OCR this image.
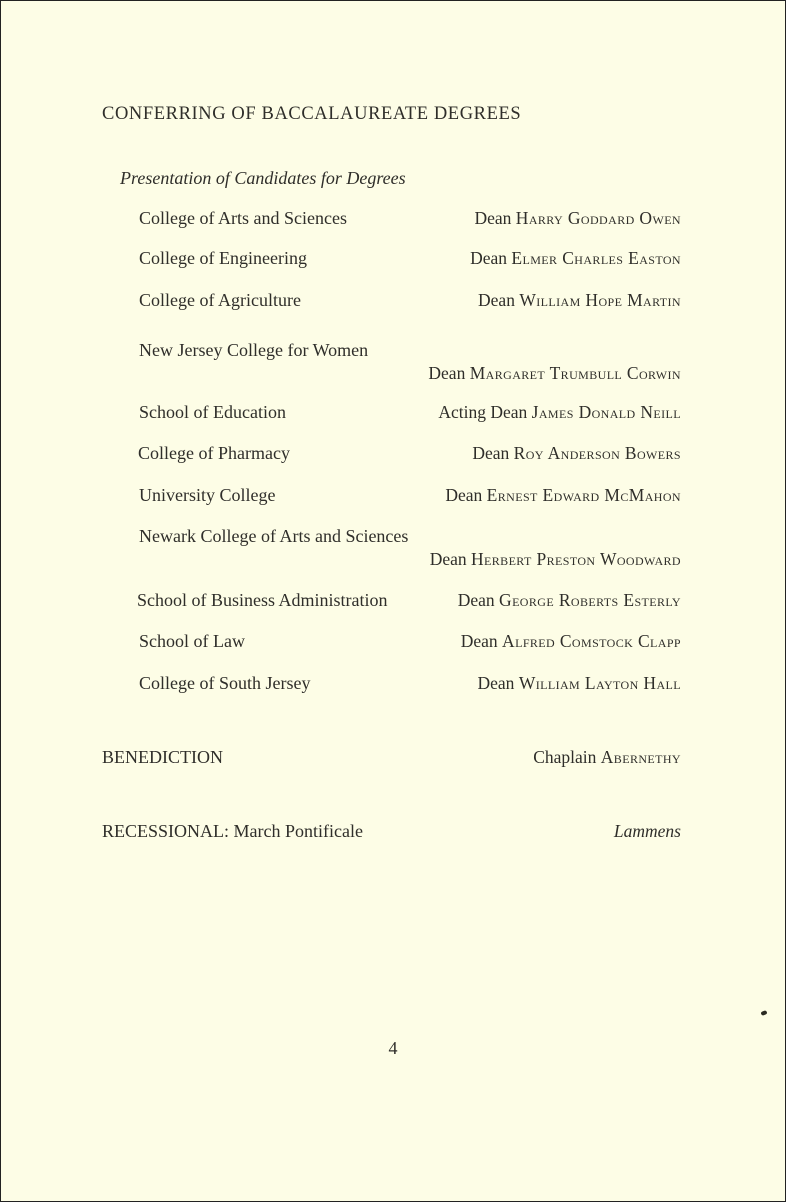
CONFERRING OF BACCALAUREATE DEGREES
Presentation of Candidates for Degrees
College of Arts and Sciences	Dean Harry Goddard Owen
College of Engineering	Dean Elmer Charles Easton
College of Agriculture	Dean William Hope Martin
New Jersey College for Women
Dean Margaret Trumbull Corwin
School of Education	Acting Dean James Donald Neill
College of Pharmacy	Dean Roy Anderson Bowers
University College	Dean Ernest Edward McMahon
Newark College of Arts and Sciences
Dean Herbert Preston Woodward
School of Business Administration	Dean George Roberts Esterly
School of Law	Dean Alfred Comstock Clapp
College of South Jersey	Dean William Layton Hall
BENEDICTION	Chaplain Abernethy
RECESSIONAL: March Pontificale	Lammens
4
